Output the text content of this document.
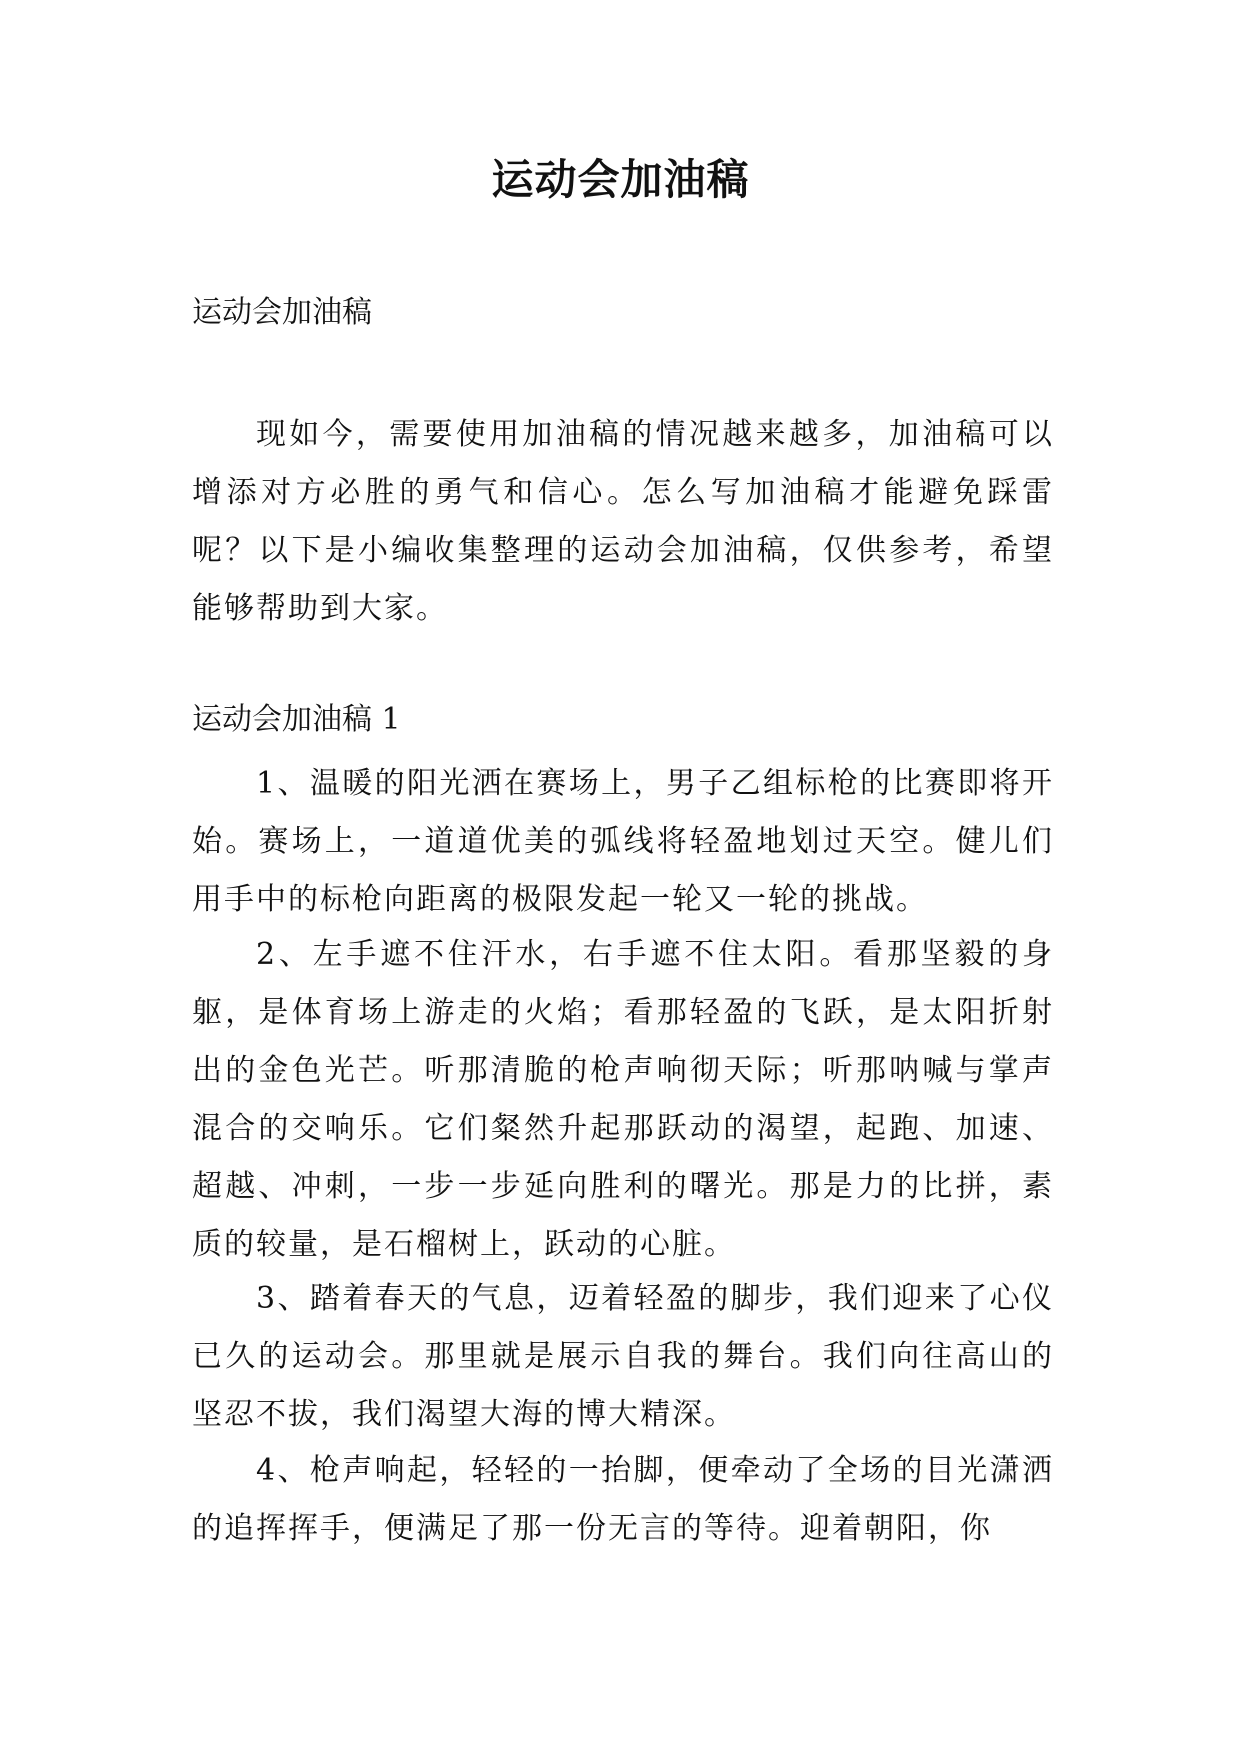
运动会加油稿

运动会加油稿

现如今，需要使用加油稿的情况越来越多，加油稿可以增添对方必胜的勇气和信心。怎么写加油稿才能避免踩雷呢？以下是小编收集整理的运动会加油稿，仅供参考，希望能够帮助到大家。

运动会加油稿 1

1、温暖的阳光洒在赛场上，男子乙组标枪的比赛即将开始。赛场上，一道道优美的弧线将轻盈地划过天空。健儿们用手中的标枪向距离的极限发起一轮又一轮的挑战。

2、左手遮不住汗水，右手遮不住太阳。看那坚毅的身躯，是体育场上游走的火焰；看那轻盈的飞跃，是太阳折射出的金色光芒。听那清脆的枪声响彻天际；听那呐喊与掌声混合的交响乐。它们粲然升起那跃动的渴望，起跑、加速、超越、冲刺，一步一步延向胜利的曙光。那是力的比拼，素质的较量，是石榴树上，跃动的心脏。

3、踏着春天的气息，迈着轻盈的脚步，我们迎来了心仪已久的运动会。那里就是展示自我的舞台。我们向往高山的坚忍不拔，我们渴望大海的博大精深。

4、枪声响起，轻轻的一抬脚，便牵动了全场的目光潇洒的追挥挥手，便满足了那一份无言的等待。迎着朝阳，你
